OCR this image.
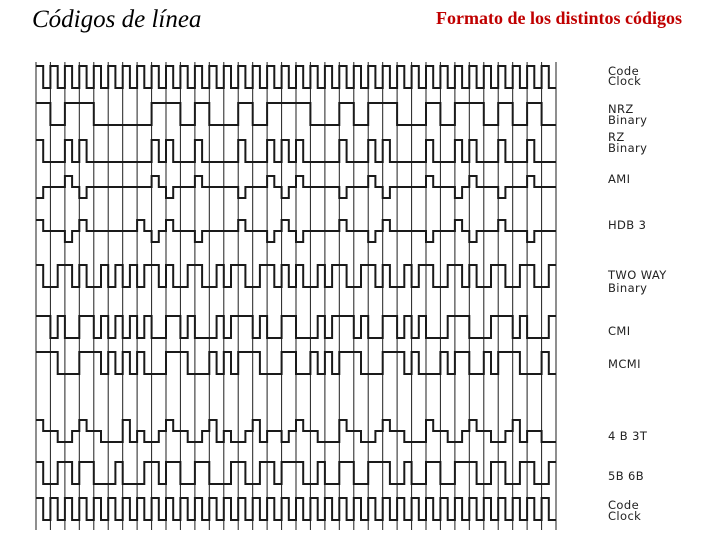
Códigos de línea	Formato de los distintos códigos
Code
Clock
NRZ
Binary
RZ
Binary
AMI
HDB 3
TWO WAY
Binary
CMI
MCMI
4 B 3T
5B 6B
Code
Clock
